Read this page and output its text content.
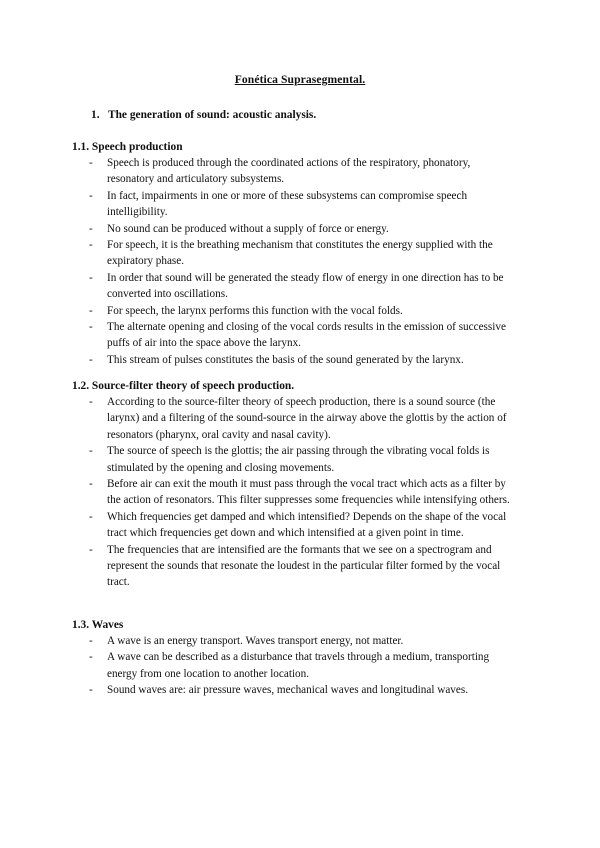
Fonética Suprasegmental.
1. The generation of sound: acoustic analysis.
1.1. Speech production
- Speech is produced through the coordinated actions of the respiratory, phonatory, resonatory and articulatory subsystems.
- In fact, impairments in one or more of these subsystems can compromise speech intelligibility.
- No sound can be produced without a supply of force or energy.
- For speech, it is the breathing mechanism that constitutes the energy supplied with the expiratory phase.
- In order that sound will be generated the steady flow of energy in one direction has to be converted into oscillations.
- For speech, the larynx performs this function with the vocal folds.
- The alternate opening and closing of the vocal cords results in the emission of successive puffs of air into the space above the larynx.
- This stream of pulses constitutes the basis of the sound generated by the larynx.
1.2. Source-filter theory of speech production.
- According to the source-filter theory of speech production, there is a sound source (the larynx) and a filtering of the sound-source in the airway above the glottis by the action of resonators (pharynx, oral cavity and nasal cavity).
- The source of speech is the glottis; the air passing through the vibrating vocal folds is stimulated by the opening and closing movements.
- Before air can exit the mouth it must pass through the vocal tract which acts as a filter by the action of resonators. This filter suppresses some frequencies while intensifying others.
- Which frequencies get damped and which intensified? Depends on the shape of the vocal tract which frequencies get down and which intensified at a given point in time.
- The frequencies that are intensified are the formants that we see on a spectrogram and represent the sounds that resonate the loudest in the particular filter formed by the vocal tract.
1.3. Waves
- A wave is an energy transport. Waves transport energy, not matter.
- A wave can be described as a disturbance that travels through a medium, transporting energy from one location to another location.
- Sound waves are: air pressure waves, mechanical waves and longitudinal waves.
